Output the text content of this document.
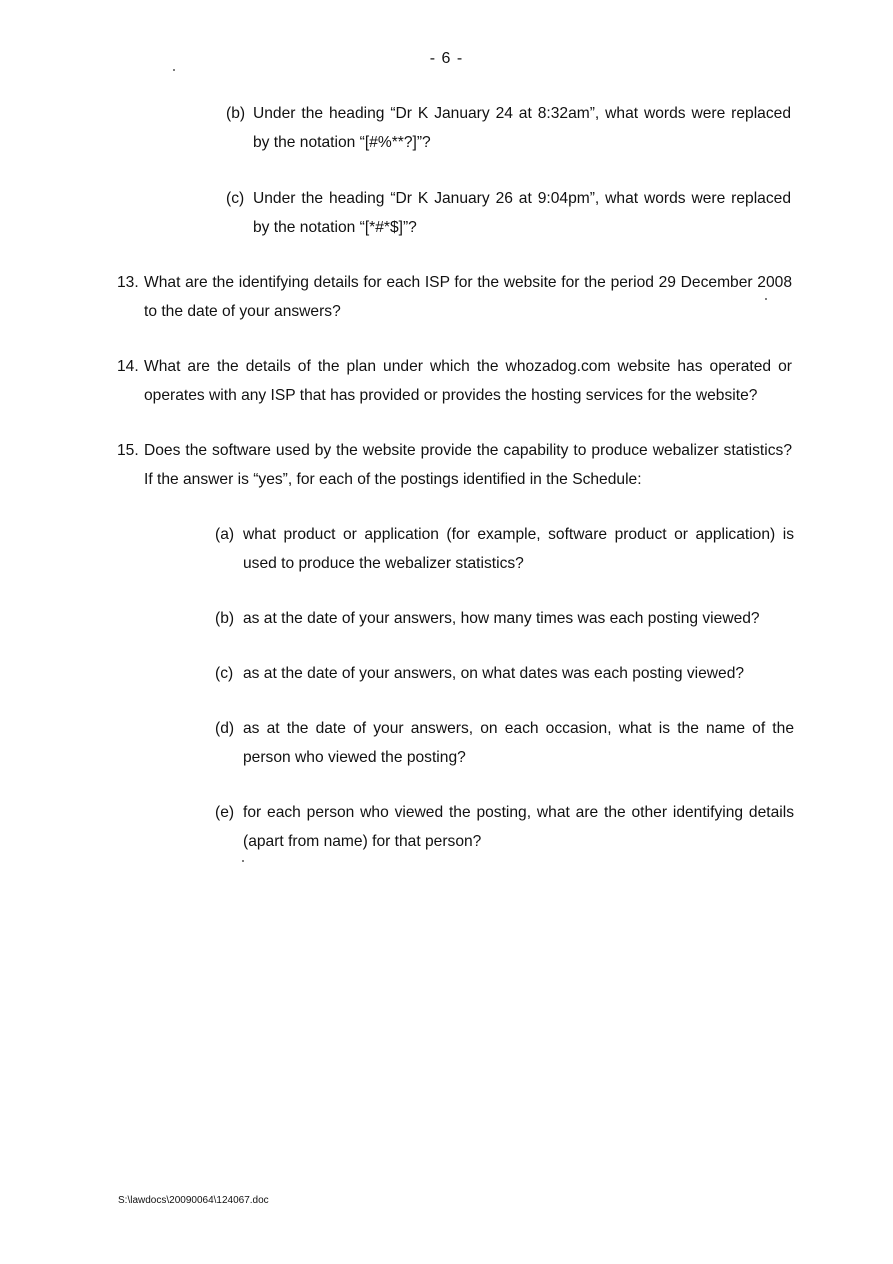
- 6 -
(b) Under the heading “Dr K January 24 at 8:32am”, what words were replaced by the notation “[#%**?]”?
(c) Under the heading “Dr K January 26 at 9:04pm”, what words were replaced by the notation “[*#*$]”?
13. What are the identifying details for each ISP for the website for the period 29 December 2008 to the date of your answers?
14. What are the details of the plan under which the whozadog.com website has operated or operates with any ISP that has provided or provides the hosting services for the website?
15. Does the software used by the website provide the capability to produce webalizer statistics? If the answer is “yes”, for each of the postings identified in the Schedule:
(a) what product or application (for example, software product or application) is used to produce the webalizer statistics?
(b) as at the date of your answers, how many times was each posting viewed?
(c) as at the date of your answers, on what dates was each posting viewed?
(d) as at the date of your answers, on each occasion, what is the name of the person who viewed the posting?
(e) for each person who viewed the posting, what are the other identifying details (apart from name) for that person?
S:\lawdocs\20090064\124067.doc
